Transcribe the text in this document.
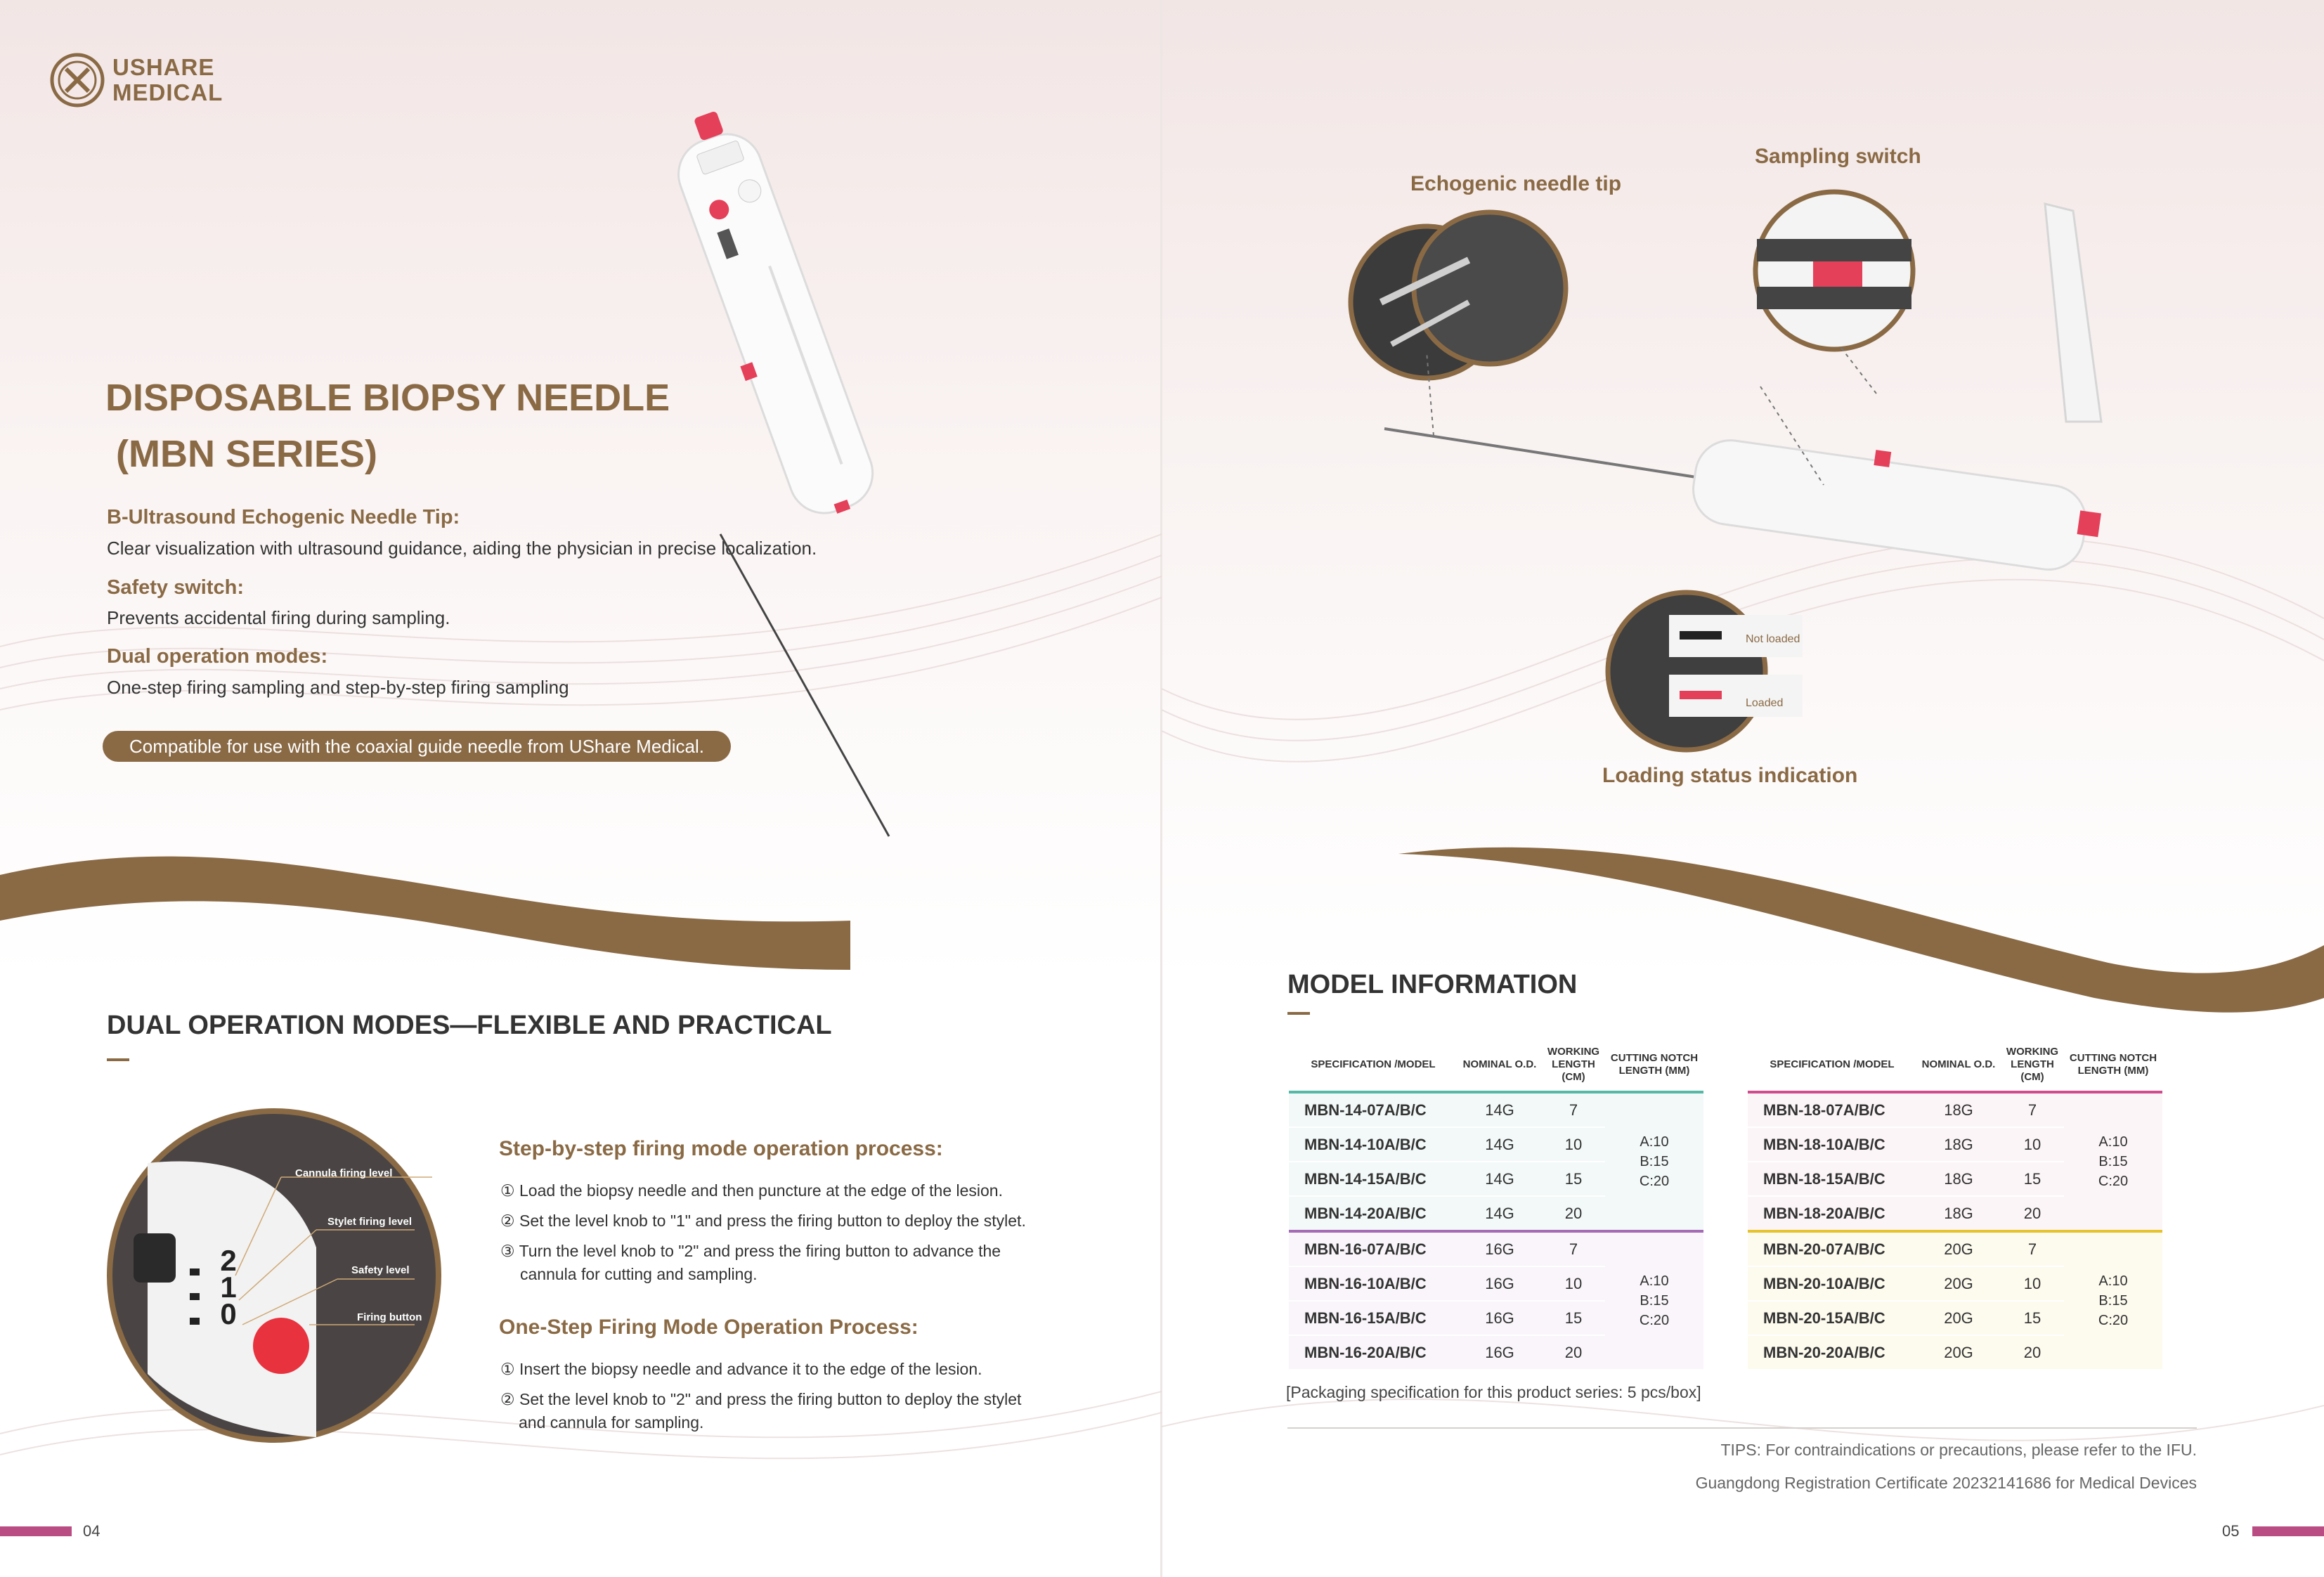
USHARE
MEDICAL
DISPOSABLE BIOPSY NEEDLE
(MBN SERIES)
B-Ultrasound Echogenic Needle Tip:
Clear visualization with ultrasound guidance, aiding the physician in precise localization.
Safety switch:
Prevents accidental firing during sampling.
Dual operation modes:
One-step firing sampling and step-by-step firing sampling
Compatible for use with the coaxial guide needle from UShare Medical.
Echogenic needle tip
Sampling switch
Loading status indication
Not loaded
Loaded
DUAL OPERATION MODES—FLEXIBLE AND PRACTICAL
2
1
0
Cannula firing level
Stylet firing level
Safety level
Firing button
Step-by-step firing mode operation process:
① Load the biopsy needle and then puncture at the edge of the lesion.
② Set the level knob to "1" and press the firing button to deploy the stylet.
③ Turn the level knob to "2" and press the firing button to advance the
cannula for cutting and sampling.
One-Step Firing Mode Operation Process:
① Insert the biopsy needle and advance it to the edge of the lesion.
② Set the level knob to "2" and press the firing button to deploy the stylet
and cannula for sampling.
MODEL INFORMATION
SPECIFICATION /MODEL	NOMINAL O.D.	WORKING LENGTH (CM)	CUTTING NOTCH LENGTH (MM)
MBN-14-07A/B/C	14G	7	A:10
B:15
C:20

MBN-14-10A/B/C	14G	10	
MBN-14-15A/B/C	14G	15	
MBN-14-20A/B/C	14G	20	
MBN-16-07A/B/C	16G	7	A:10
B:15
C:20

MBN-16-10A/B/C	16G	10	
MBN-16-15A/B/C	16G	15	
MBN-16-20A/B/C	16G	20	
SPECIFICATION /MODEL	NOMINAL O.D.	WORKING LENGTH (CM)	CUTTING NOTCH LENGTH (MM)
MBN-18-07A/B/C	18G	7	A:10
B:15
C:20

MBN-18-10A/B/C	18G	10	
MBN-18-15A/B/C	18G	15	
MBN-18-20A/B/C	18G	20	
MBN-20-07A/B/C	20G	7	A:10
B:15
C:20

MBN-20-10A/B/C	20G	10	
MBN-20-15A/B/C	20G	15	
MBN-20-20A/B/C	20G	20	
[Packaging specification for this product series: 5 pcs/box]
TIPS: For contraindications or precautions, please refer to the IFU.
Guangdong Registration Certificate 20232141686 for Medical Devices
04	05
